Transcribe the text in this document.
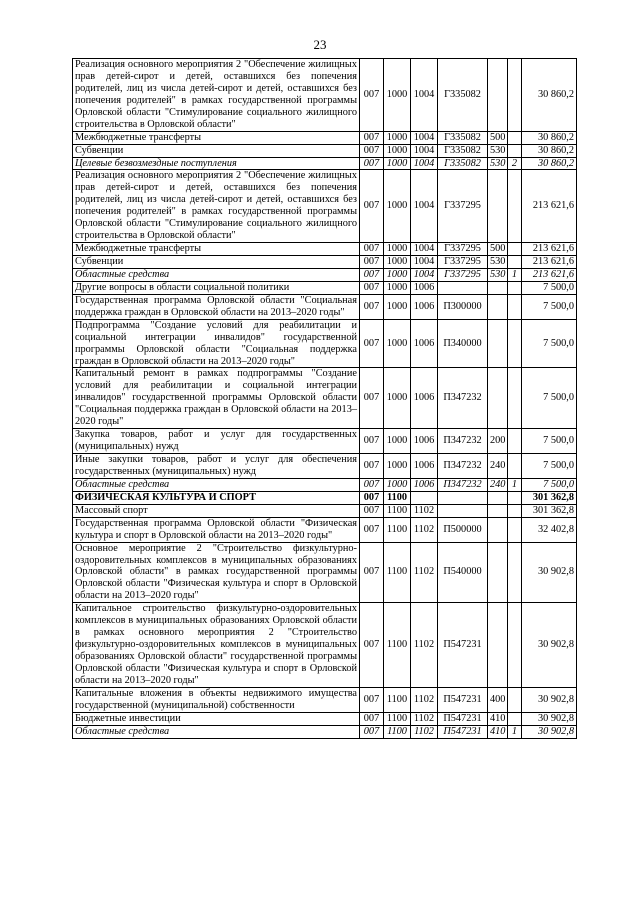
23
Реализация основного мероприятия 2 "Обеспечение жилищных прав детей-сирот и детей, оставшихся без попечения родителей, лиц из числа детей-сирот и детей, оставшихся без попечения родителей" в рамках государственной программы Орловской области "Стимулирование социального жилищного строительства в Орловской области"	007	1000	1004	Г335082			30 860,2
Межбюджетные трансферты	007	1000	1004	Г335082	500		30 860,2
Субвенции	007	1000	1004	Г335082	530		30 860,2
Целевые безвозмездные поступления	007	1000	1004	Г335082	530	2	30 860,2
Реализация основного мероприятия 2 "Обеспечение жилищных прав детей-сирот и детей, оставшихся без попечения родителей, лиц из числа детей-сирот и детей, оставшихся без попечения родителей" в рамках государственной программы Орловской области "Стимулирование социального жилищного строительства в Орловской области"	007	1000	1004	Г337295			213 621,6
Межбюджетные трансферты	007	1000	1004	Г337295	500		213 621,6
Субвенции	007	1000	1004	Г337295	530		213 621,6
Областные средства	007	1000	1004	Г337295	530	1	213 621,6
Другие вопросы в области социальной политики	007	1000	1006				7 500,0
Государственная программа Орловской области "Социальная поддержка граждан в Орловской области на 2013–2020 годы"	007	1000	1006	П300000			7 500,0
Подпрограмма "Создание условий для реабилитации и социальной интеграции инвалидов" государственной программы Орловской области "Социальная поддержка граждан в Орловской области на 2013–2020 годы"	007	1000	1006	П340000			7 500,0
Капитальный ремонт в рамках подпрограммы "Создание условий для реабилитации и социальной интеграции инвалидов" государственной программы Орловской области "Социальная поддержка граждан в Орловской области на 2013–2020 годы"	007	1000	1006	П347232			7 500,0
Закупка товаров, работ и услуг для государственных (муниципальных) нужд	007	1000	1006	П347232	200		7 500,0
Иные закупки товаров, работ и услуг для обеспечения государственных (муниципальных) нужд	007	1000	1006	П347232	240		7 500,0
Областные средства	007	1000	1006	П347232	240	1	7 500,0
ФИЗИЧЕСКАЯ КУЛЬТУРА И СПОРТ	007	1100					301 362,8
Массовый спорт	007	1100	1102				301 362,8
Государственная программа Орловской области "Физическая культура и спорт в Орловской области на 2013–2020 годы"	007	1100	1102	П500000			32 402,8
Основное мероприятие 2 "Строительство физкультурно-оздоровительных комплексов в муниципальных образованиях Орловской области" в рамках государственной программы Орловской области "Физическая культура и спорт в Орловской области на 2013–2020 годы"	007	1100	1102	П540000			30 902,8
Капитальное строительство физкультурно-оздоровительных комплексов в муниципальных образованиях Орловской области в рамках основного мероприятия 2 "Строительство физкультурно-оздоровительных комплексов в муниципальных образованиях Орловской области" государственной программы Орловской области "Физическая культура и спорт в Орловской области на 2013–2020 годы"	007	1100	1102	П547231			30 902,8
Капитальные вложения в объекты недвижимого имущества государственной (муниципальной) собственности	007	1100	1102	П547231	400		30 902,8
Бюджетные инвестиции	007	1100	1102	П547231	410		30 902,8
Областные средства	007	1100	1102	П547231	410	1	30 902,8
